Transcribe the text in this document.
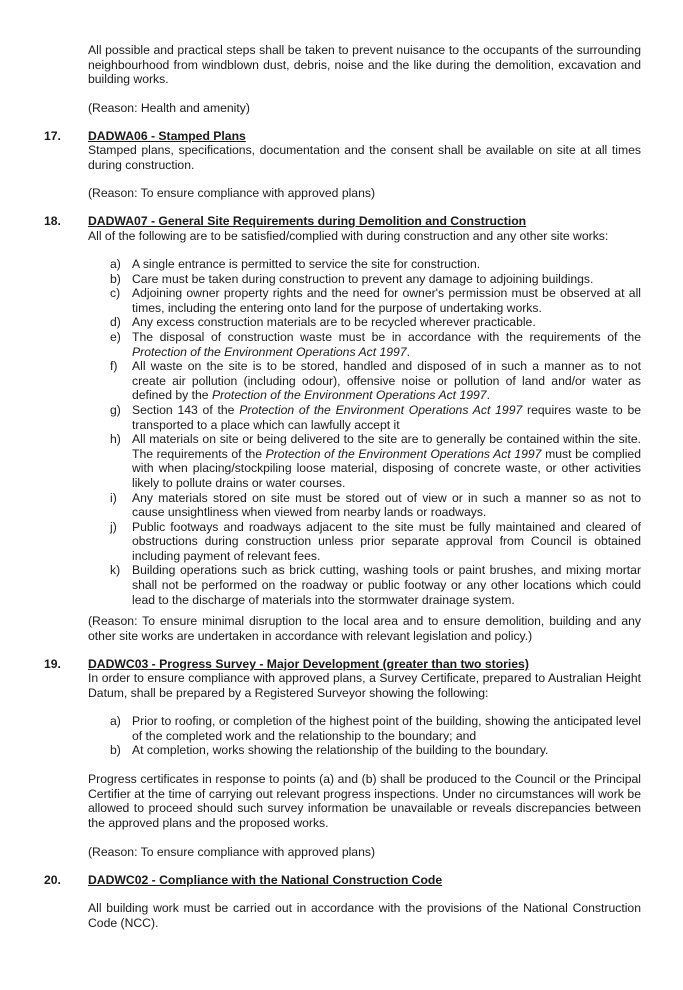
All possible and practical steps shall be taken to prevent nuisance to the occupants of the surrounding neighbourhood from windblown dust, debris, noise and the like during the demolition, excavation and building works.

(Reason: Health and amenity)

17. DADWA06 - Stamped Plans

Stamped plans, specifications, documentation and the consent shall be available on site at all times during construction.

(Reason: To ensure compliance with approved plans)

18. DADWA07 - General Site Requirements during Demolition and Construction

All of the following are to be satisfied/complied with during construction and any other site works:

a) A single entrance is permitted to service the site for construction.
b) Care must be taken during construction to prevent any damage to adjoining buildings.
c) Adjoining owner property rights and the need for owner's permission must be observed at all times, including the entering onto land for the purpose of undertaking works.
d) Any excess construction materials are to be recycled wherever practicable.
e) The disposal of construction waste must be in accordance with the requirements of the Protection of the Environment Operations Act 1997.
f)	All waste on the site is to be stored, handled and disposed of in such a manner as to not create air pollution (including odour), offensive noise or pollution of land and/or water as defined by the Protection of the Environment Operations Act 1997.
g) Section 143 of the Protection of the Environment Operations Act 1997 requires waste to be transported to a place which can lawfully accept it
h) All materials on site or being delivered to the site are to generally be contained within the site. The requirements of the Protection of the Environment Operations Act 1997 must be complied with when placing/stockpiling loose material, disposing of concrete waste, or other activities likely to pollute drains or water courses.
i)	Any materials stored on site must be stored out of view or in such a manner so as not to cause unsightliness when viewed from nearby lands or roadways.
j)	Public footways and roadways adjacent to the site must be fully maintained and cleared of obstructions during construction unless prior separate approval from Council is obtained including payment of relevant fees.
k) Building operations such as brick cutting, washing tools or paint brushes, and mixing mortar shall not be performed on the roadway or public footway or any other locations which could lead to the discharge of materials into the stormwater drainage system.

(Reason: To ensure minimal disruption to the local area and to ensure demolition, building and any other site works are undertaken in accordance with relevant legislation and policy.)

19. DADWC03 - Progress Survey - Major Development (greater than two stories)

In order to ensure compliance with approved plans, a Survey Certificate, prepared to Australian Height Datum, shall be prepared by a Registered Surveyor showing the following:

a) Prior to roofing, or completion of the highest point of the building, showing the anticipated level of the completed work and the relationship to the boundary; and
b) At completion, works showing the relationship of the building to the boundary.

Progress certificates in response to points (a) and (b) shall be produced to the Council or the Principal Certifier at the time of carrying out relevant progress inspections. Under no circumstances will work be allowed to proceed should such survey information be unavailable or reveals discrepancies between the approved plans and the proposed works.

(Reason: To ensure compliance with approved plans)

20. DADWC02 - Compliance with the National Construction Code

All building work must be carried out in accordance with the provisions of the National Construction Code (NCC).
